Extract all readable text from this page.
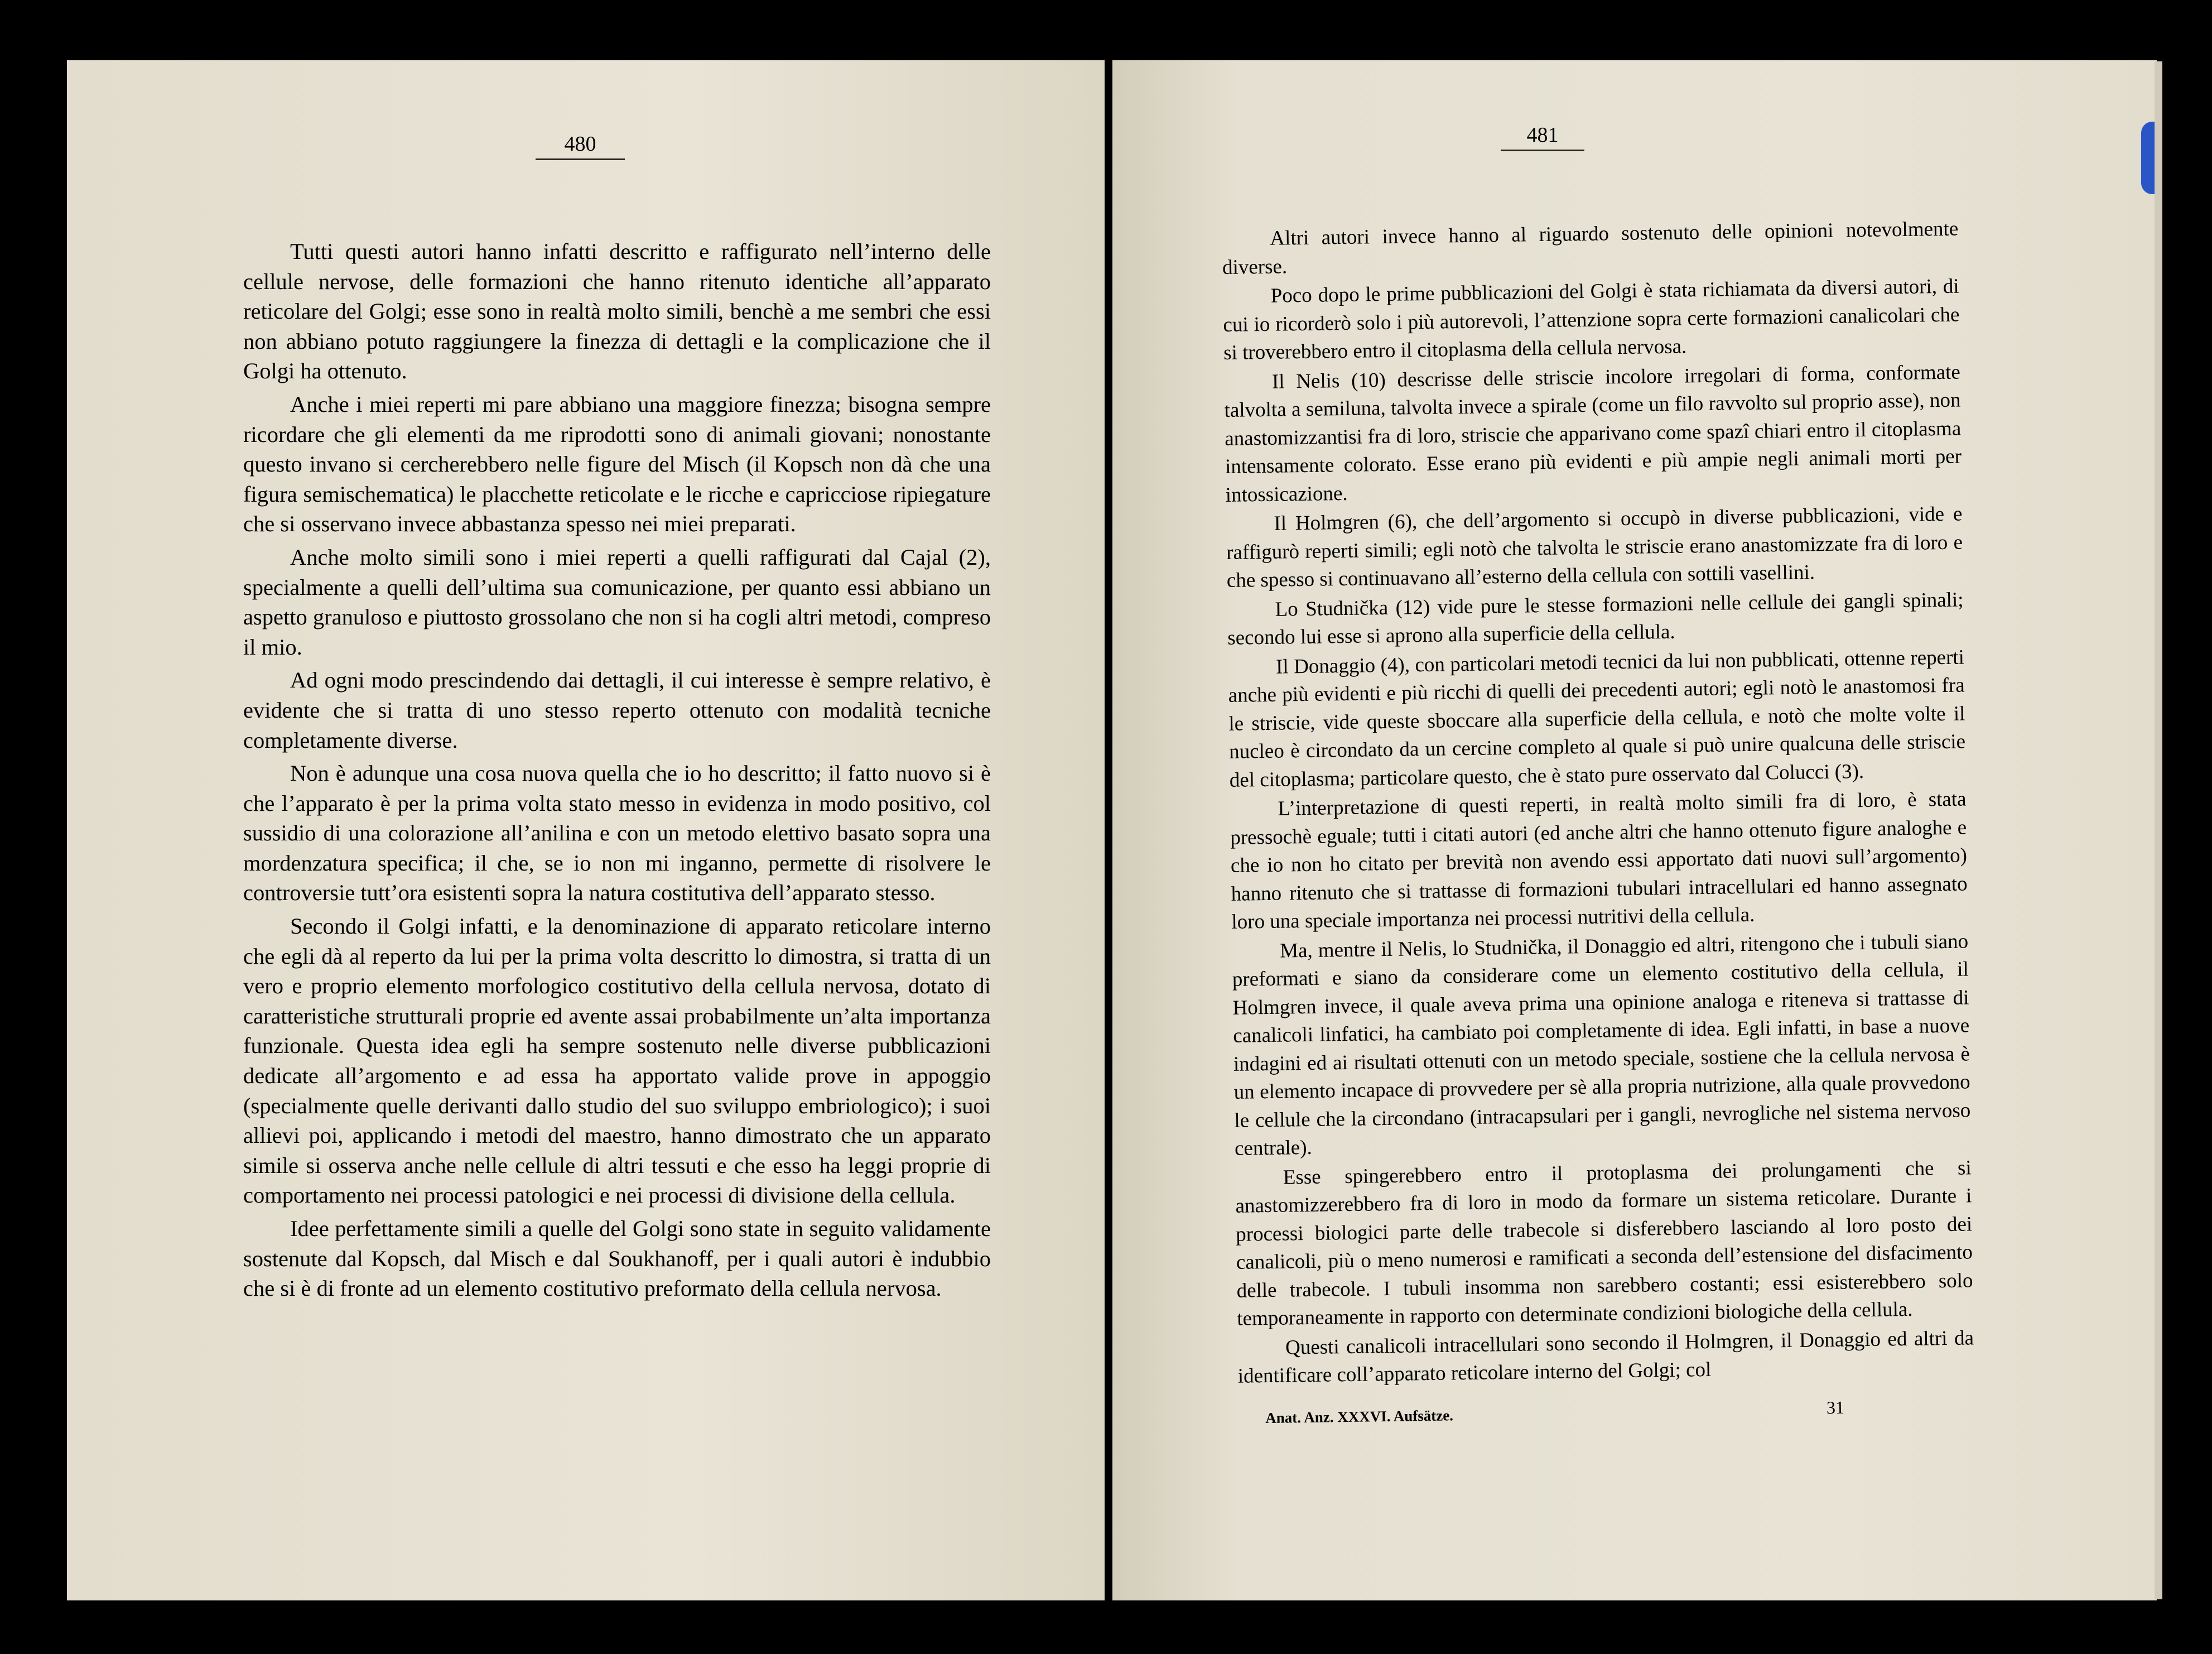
480	481

Tutti questi autori hanno infatti descritto e raffigurato nell’interno delle cellule nervose, delle formazioni che hanno ritenuto identiche all’apparato reticolare del Golgi; esse sono in realtà molto simili, benchè a me sembri che essi non abbiano potuto raggiungere la finezza di dettagli e la complicazione che il Golgi ha ottenuto.

Anche i miei reperti mi pare abbiano una maggiore finezza; bisogna sempre ricordare che gli elementi da me riprodotti sono di animali giovani; nonostante questo invano si cercherebbero nelle figure del Misch (il Kopsch non dà che una figura semischematica) le placchette reticolate e le ricche e capricciose ripiegature che si osservano invece abbastanza spesso nei miei preparati.

Anche molto simili sono i miei reperti a quelli raffigurati dal Cajal (2), specialmente a quelli dell’ultima sua comunicazione, per quanto essi abbiano un aspetto granuloso e piuttosto grossolano che non si ha cogli altri metodi, compreso il mio.

Ad ogni modo prescindendo dai dettagli, il cui interesse è sempre relativo, è evidente che si tratta di uno stesso reperto ottenuto con modalità tecniche completamente diverse.

Non è adunque una cosa nuova quella che io ho descritto; il fatto nuovo si è che l’apparato è per la prima volta stato messo in evidenza in modo positivo, col sussidio di una colorazione all’anilina e con un metodo elettivo basato sopra una mordenzatura specifica; il che, se io non mi inganno, permette di risolvere le controversie tutt’ora esistenti sopra la natura costitutiva dell’apparato stesso.

Secondo il Golgi infatti, e la denominazione di apparato reticolare interno che egli dà al reperto da lui per la prima volta descritto lo dimostra, si tratta di un vero e proprio elemento morfologico costitutivo della cellula nervosa, dotato di caratteristiche strutturali proprie ed avente assai probabilmente un’alta importanza funzionale. Questa idea egli ha sempre sostenuto nelle diverse pubblicazioni dedicate all’argomento e ad essa ha apportato valide prove in appoggio (specialmente quelle derivanti dallo studio del suo sviluppo embriologico); i suoi allievi poi, applicando i metodi del maestro, hanno dimostrato che un apparato simile si osserva anche nelle cellule di altri tessuti e che esso ha leggi proprie di comportamento nei processi patologici e nei processi di divisione della cellula.

Idee perfettamente simili a quelle del Golgi sono state in seguito validamente sostenute dal Kopsch, dal Misch e dal Soukhanoff, per i quali autori è indubbio che si è di fronte ad un elemento costitutivo preformato della cellula nervosa.

Altri autori invece hanno al riguardo sostenuto delle opinioni notevolmente diverse.

Poco dopo le prime pubblicazioni del Golgi è stata richiamata da diversi autori, di cui io ricorderò solo i più autorevoli, l’attenzione sopra certe formazioni canalicolari che si troverebbero entro il citoplasma della cellula nervosa.

Il Nelis (10) descrisse delle striscie incolore irregolari di forma, conformate talvolta a semiluna, talvolta invece a spirale (come un filo ravvolto sul proprio asse), non anastomizzantisi fra di loro, striscie che apparivano come spazî chiari entro il citoplasma intensamente colorato. Esse erano più evidenti e più ampie negli animali morti per intossicazione.

Il Holmgren (6), che dell’argomento si occupò in diverse pubblicazioni, vide e raffigurò reperti simili; egli notò che talvolta le striscie erano anastomizzate fra di loro e che spesso si continuavano all’esterno della cellula con sottili vasellini.

Lo Studnička (12) vide pure le stesse formazioni nelle cellule dei gangli spinali; secondo lui esse si aprono alla superficie della cellula.

Il Donaggio (4), con particolari metodi tecnici da lui non pubblicati, ottenne reperti anche più evidenti e più ricchi di quelli dei precedenti autori; egli notò le anastomosi fra le striscie, vide queste sboccare alla superficie della cellula, e notò che molte volte il nucleo è circondato da un cercine completo al quale si può unire qualcuna delle striscie del citoplasma; particolare questo, che è stato pure osservato dal Colucci (3).

L’interpretazione di questi reperti, in realtà molto simili fra di loro, è stata pressochè eguale; tutti i citati autori (ed anche altri che hanno ottenuto figure analoghe e che io non ho citato per brevità non avendo essi apportato dati nuovi sull’argomento) hanno ritenuto che si trattasse di formazioni tubulari intracellulari ed hanno assegnato loro una speciale importanza nei processi nutritivi della cellula.

Ma, mentre il Nelis, lo Studnička, il Donaggio ed altri, ritengono che i tubuli siano preformati e siano da considerare come un elemento costitutivo della cellula, il Holmgren invece, il quale aveva prima una opinione analoga e riteneva si trattasse di canalicoli linfatici, ha cambiato poi completamente di idea. Egli infatti, in base a nuove indagini ed ai risultati ottenuti con un metodo speciale, sostiene che la cellula nervosa è un elemento incapace di provvedere per sè alla propria nutrizione, alla quale provvedono le cellule che la circondano (intracapsulari per i gangli, nevrogliche nel sistema nervoso centrale).

Esse spingerebbero entro il protoplasma dei prolungamenti che si anastomizzerebbero fra di loro in modo da formare un sistema reticolare. Durante i processi biologici parte delle trabecole si disferebbero lasciando al loro posto dei canalicoli, più o meno numerosi e ramificati a seconda dell’estensione del disfacimento delle trabecole. I tubuli insomma non sarebbero costanti; essi esisterebbero solo temporaneamente in rapporto con determinate condizioni biologiche della cellula.

Questi canalicoli intracellulari sono secondo il Holmgren, il Donaggio ed altri da identificare coll’apparato reticolare interno del Golgi; col

Anat. Anz. XXXVI. Aufsätze.	31
